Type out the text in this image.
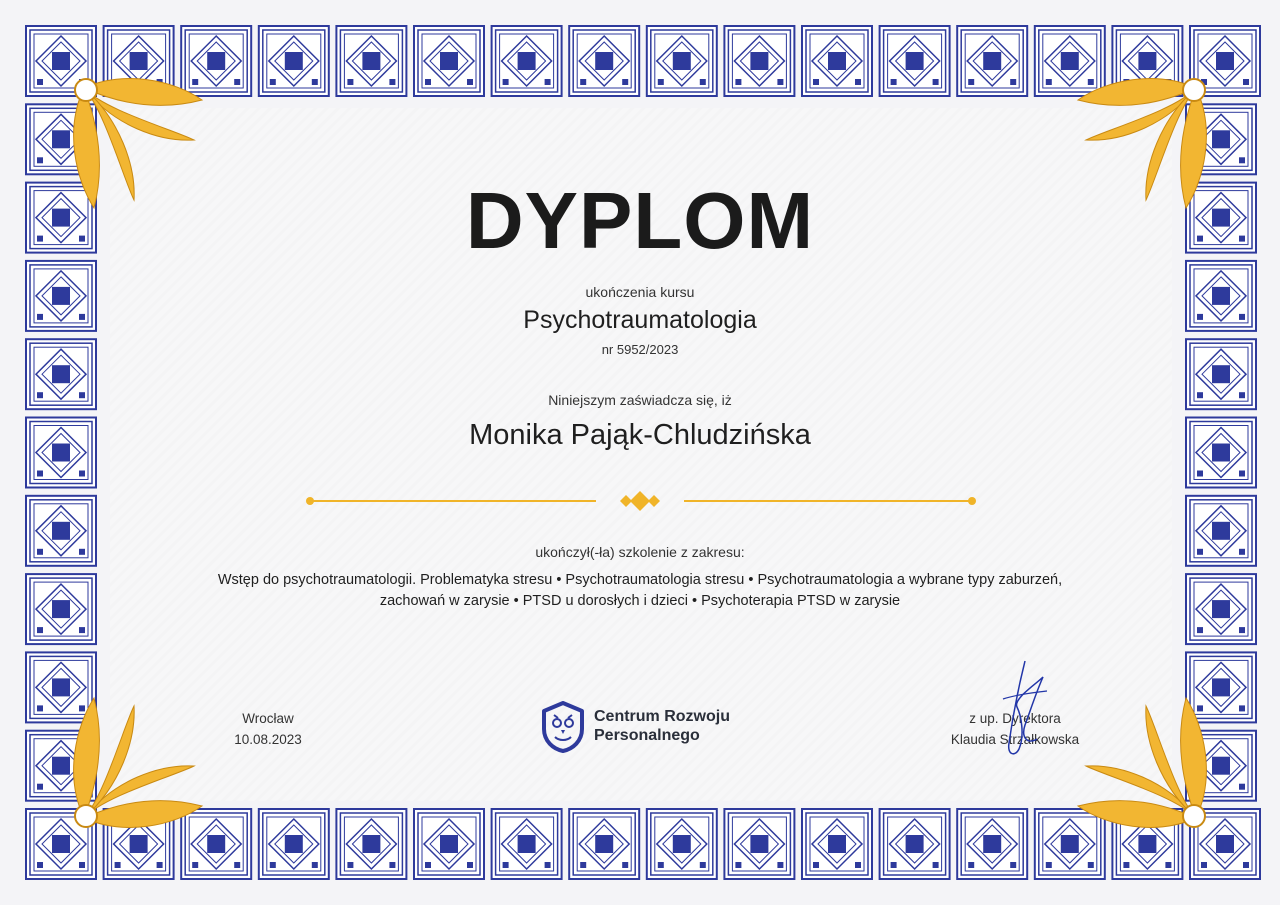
DYPLOM
ukończenia kursu
Psychotraumatologia
nr 5952/2023
Niniejszym zaświadcza się, iż
Monika Pająk-Chludzińska
ukończył(-ła) szkolenie z zakresu:
Wstęp do psychotraumatologii. Problematyka stresu • Psychotraumatologia stresu • Psychotraumatologia a wybrane typy zaburzeń,
zachowań w zarysie • PTSD u dorosłych i dzieci • Psychoterapia PTSD w zarysie
Wrocław
10.08.2023
Centrum Rozwoju
Personalnego
z up. Dyrektora
Klaudia Strzałkowska
